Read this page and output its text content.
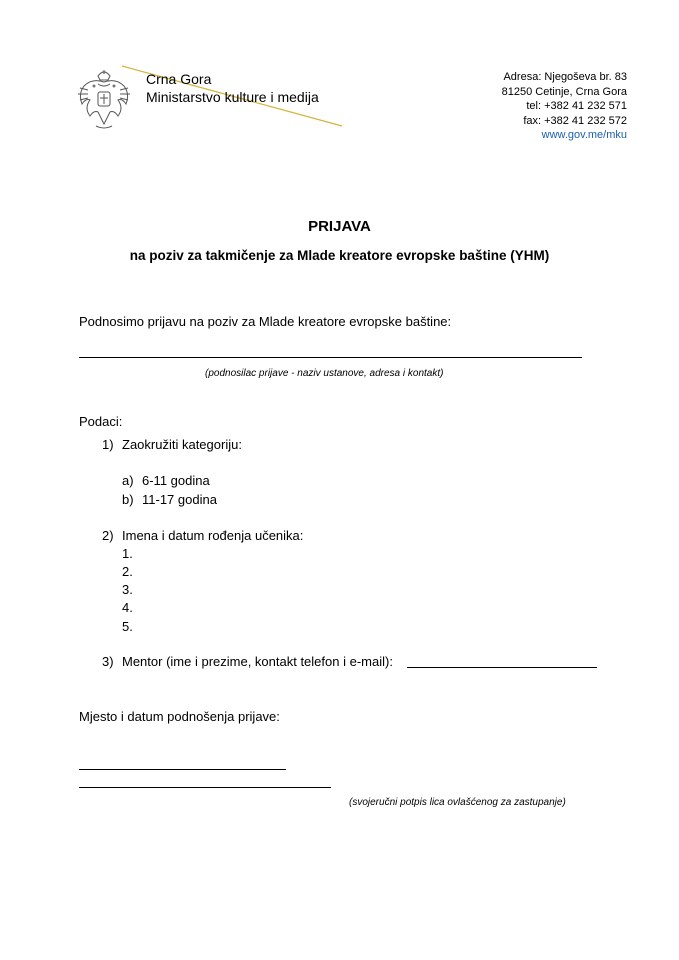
Crna Gora
Ministarstvo kulture i medija
Adresa: Njegoševa br. 83
81250 Cetinje, Crna Gora
tel: +382 41 232 571
fax: +382 41 232 572
www.gov.me/mku
PRIJAVA
na poziv za takmičenje za Mlade kreatore evropske baštine (YHM)
Podnosimo prijavu na poziv za Mlade kreatore evropske baštine:
(podnosilac prijave - naziv ustanove, adresa i kontakt)
Podaci:
1) Zaokružiti kategoriju:
a) 6-11 godina
b) 11-17 godina
2) Imena i datum rođenja učenika:
1.
2.
3.
4.
5.
3) Mentor (ime i prezime, kontakt telefon i e-mail):
Mjesto i datum podnošenja prijave:
(svojeručni potpis lica ovlašćenog za zastupanje)
